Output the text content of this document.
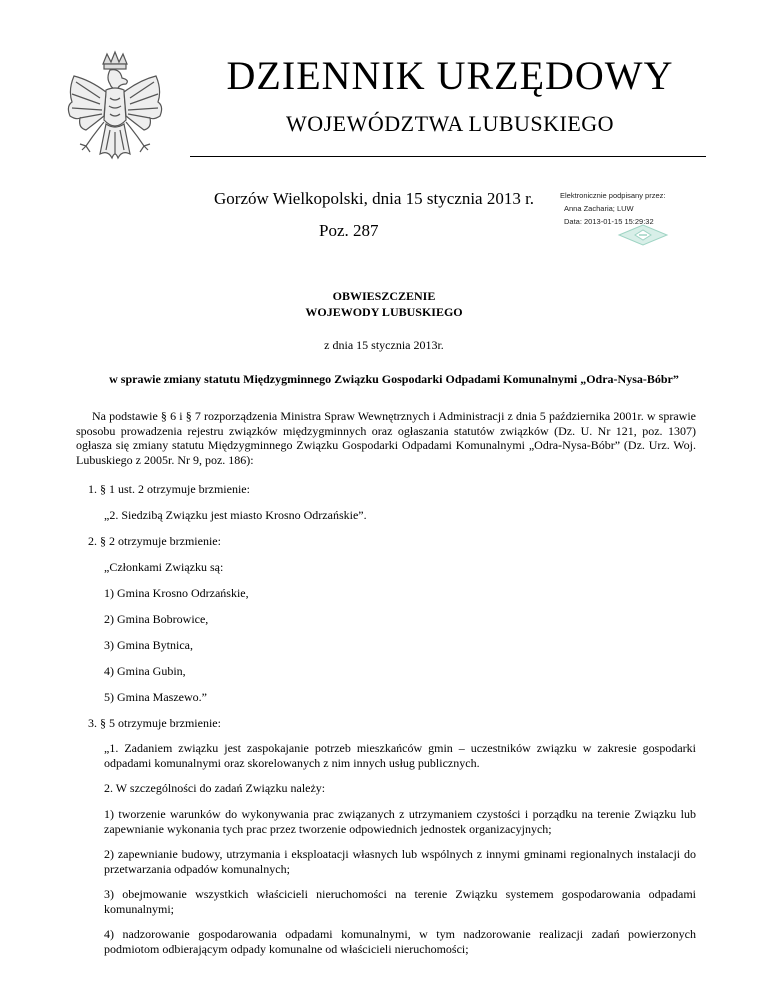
DZIENNIK URZĘDOWY
WOJEWÓDZTWA LUBUSKIEGO
Gorzów Wielkopolski, dnia 15 stycznia 2013 r.
Poz. 287
Elektronicznie podpisany przez:
Anna Zacharia; LUW
Data: 2013-01-15 15:29:32
OBWIESZCZENIE
WOJEWODY LUBUSKIEGO
z dnia 15 stycznia 2013r.
w sprawie zmiany statutu Międzygminnego Związku Gospodarki Odpadami Komunalnymi „Odra-Nysa-Bóbr”
Na podstawie § 6 i § 7 rozporządzenia Ministra Spraw Wewnętrznych i Administracji z dnia 5 października 2001r. w sprawie sposobu prowadzenia rejestru związków międzygminnych oraz ogłaszania statutów związków (Dz. U. Nr 121, poz. 1307) ogłasza się zmiany statutu Międzygminnego Związku Gospodarki Odpadami Komunalnymi „Odra-Nysa-Bóbr” (Dz. Urz. Woj. Lubuskiego z 2005r. Nr 9, poz. 186):
1. § 1 ust. 2 otrzymuje brzmienie:
„2. Siedzibą Związku jest miasto Krosno Odrzańskie”.
2. § 2 otrzymuje brzmienie:
„Członkami Związku są:
1) Gmina Krosno Odrzańskie,
2) Gmina Bobrowice,
3) Gmina Bytnica,
4) Gmina Gubin,
5) Gmina Maszewo.”
3. § 5 otrzymuje brzmienie:
„1. Zadaniem związku jest zaspokajanie potrzeb mieszkańców gmin – uczestników związku w zakresie gospodarki odpadami komunalnymi oraz skorelowanych z nim innych usług publicznych.
2. W szczególności do zadań Związku należy:
1) tworzenie warunków do wykonywania prac związanych z utrzymaniem czystości i porządku na terenie Związku lub zapewnianie wykonania tych prac przez tworzenie odpowiednich jednostek organizacyjnych;
2) zapewnianie budowy, utrzymania i eksploatacji własnych lub wspólnych z innymi gminami regionalnych instalacji do przetwarzania odpadów komunalnych;
3) obejmowanie wszystkich właścicieli nieruchomości na terenie Związku systemem gospodarowania odpadami komunalnymi;
4) nadzorowanie gospodarowania odpadami komunalnymi, w tym nadzorowanie realizacji zadań powierzonych podmiotom odbierającym odpady komunalne od właścicieli nieruchomości;
